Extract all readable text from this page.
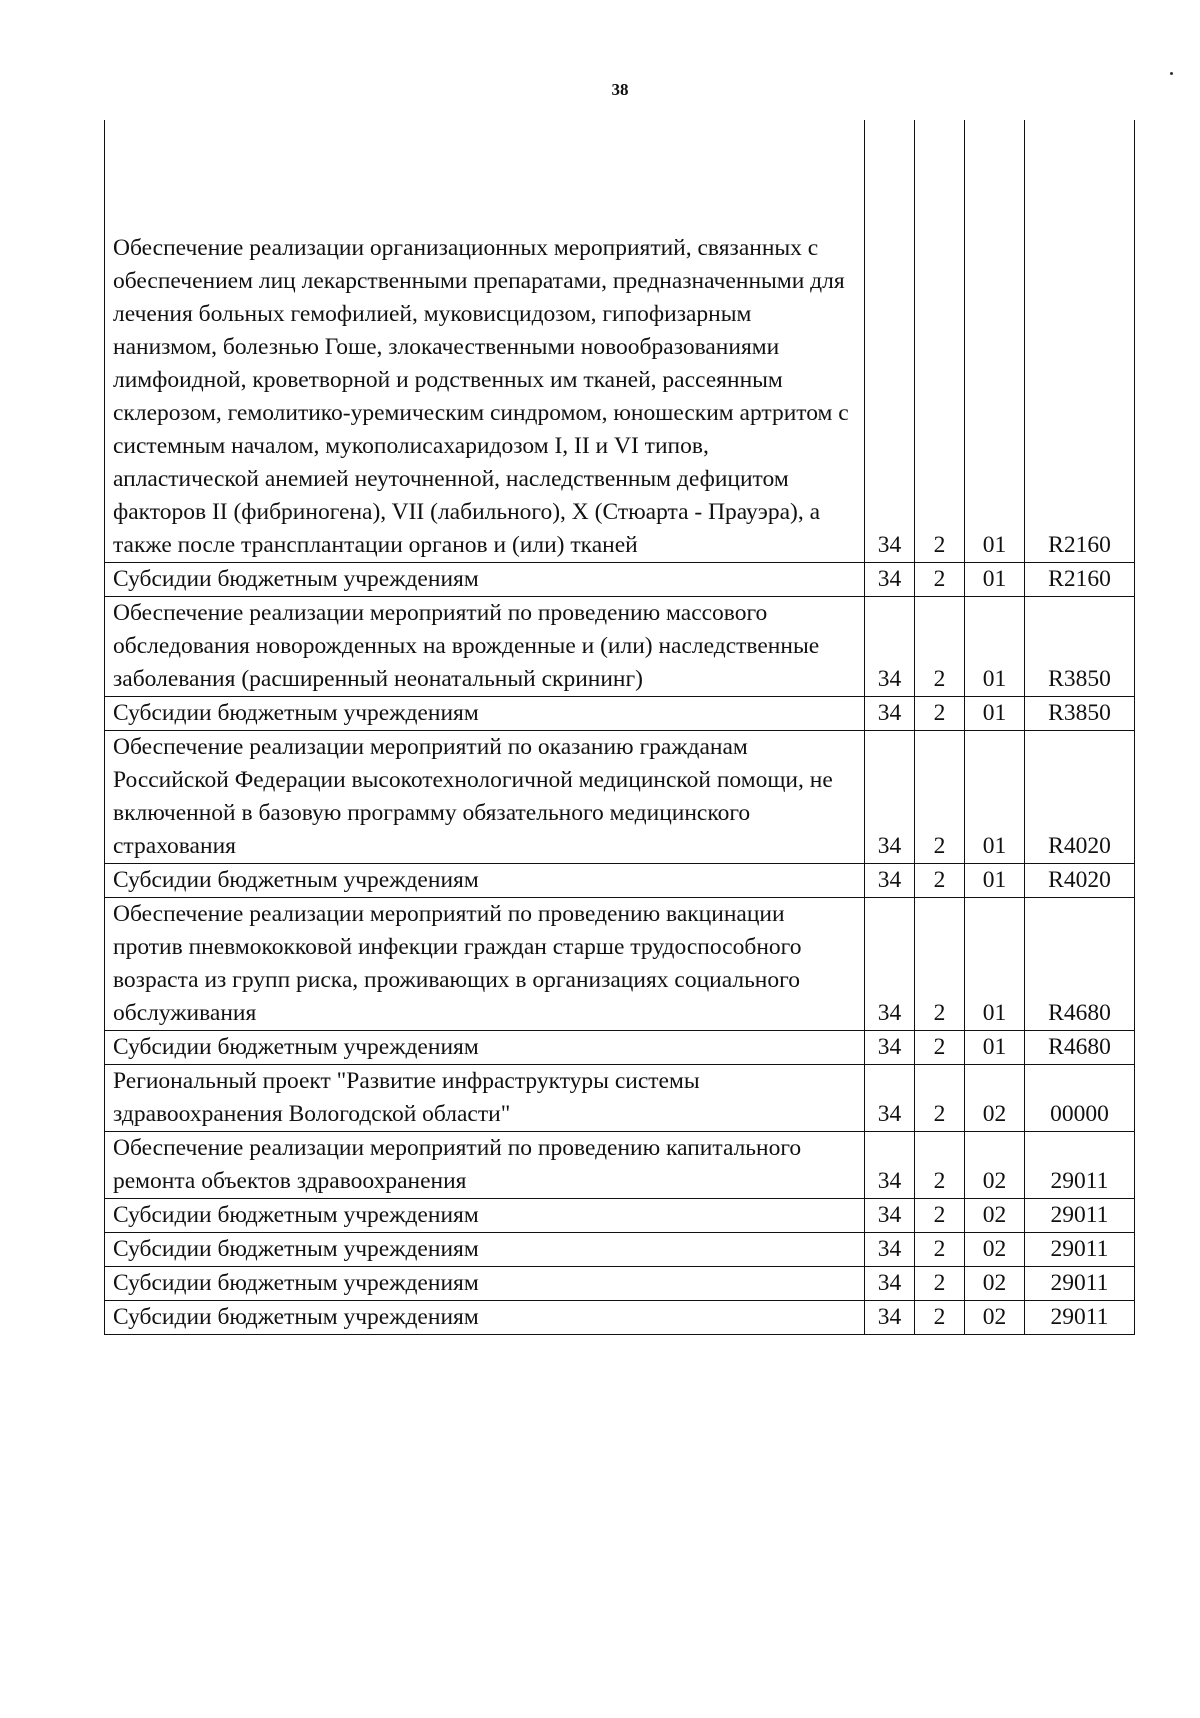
38
Обеспечение реализации организационных мероприятий, связанных с обеспечением лиц лекарственными препаратами, предназначенными для лечения больных гемофилией, муковисцидозом, гипофизарным нанизмом, болезнью Гоше, злокачественными новообразованиями лимфоидной, кроветворной и родственных им тканей, рассеянным склерозом, гемолитико-уремическим синдромом, юношеским артритом с системным началом, мукополисахаридозом I, II и VI типов, апластической анемией неуточненной, наследственным дефицитом факторов II (фибриногена), VII (лабильного), X (Стюарта - Прауэра), а также после трансплантации органов и (или) тканей	34	2	01	R2160
Субсидии бюджетным учреждениям	34	2	01	R2160
Обеспечение реализации мероприятий по проведению массового обследования новорожденных на врожденные и (или) наследственные заболевания (расширенный неонатальный скрининг)	34	2	01	R3850
Субсидии бюджетным учреждениям	34	2	01	R3850
Обеспечение реализации мероприятий по оказанию гражданам Российской Федерации высокотехнологичной медицинской помощи, не включенной в базовую программу обязательного медицинского страхования	34	2	01	R4020
Субсидии бюджетным учреждениям	34	2	01	R4020
Обеспечение реализации мероприятий по проведению вакцинации против пневмококковой инфекции граждан старше трудоспособного возраста из групп риска, проживающих в организациях социального обслуживания	34	2	01	R4680
Субсидии бюджетным учреждениям	34	2	01	R4680
Региональный проект "Развитие инфраструктуры системы здравоохранения Вологодской области"	34	2	02	00000
Обеспечение реализации мероприятий по проведению капитального ремонта объектов здравоохранения	34	2	02	29011
Субсидии бюджетным учреждениям	34	2	02	29011
Субсидии бюджетным учреждениям	34	2	02	29011
Субсидии бюджетным учреждениям	34	2	02	29011
Субсидии бюджетным учреждениям	34	2	02	29011
